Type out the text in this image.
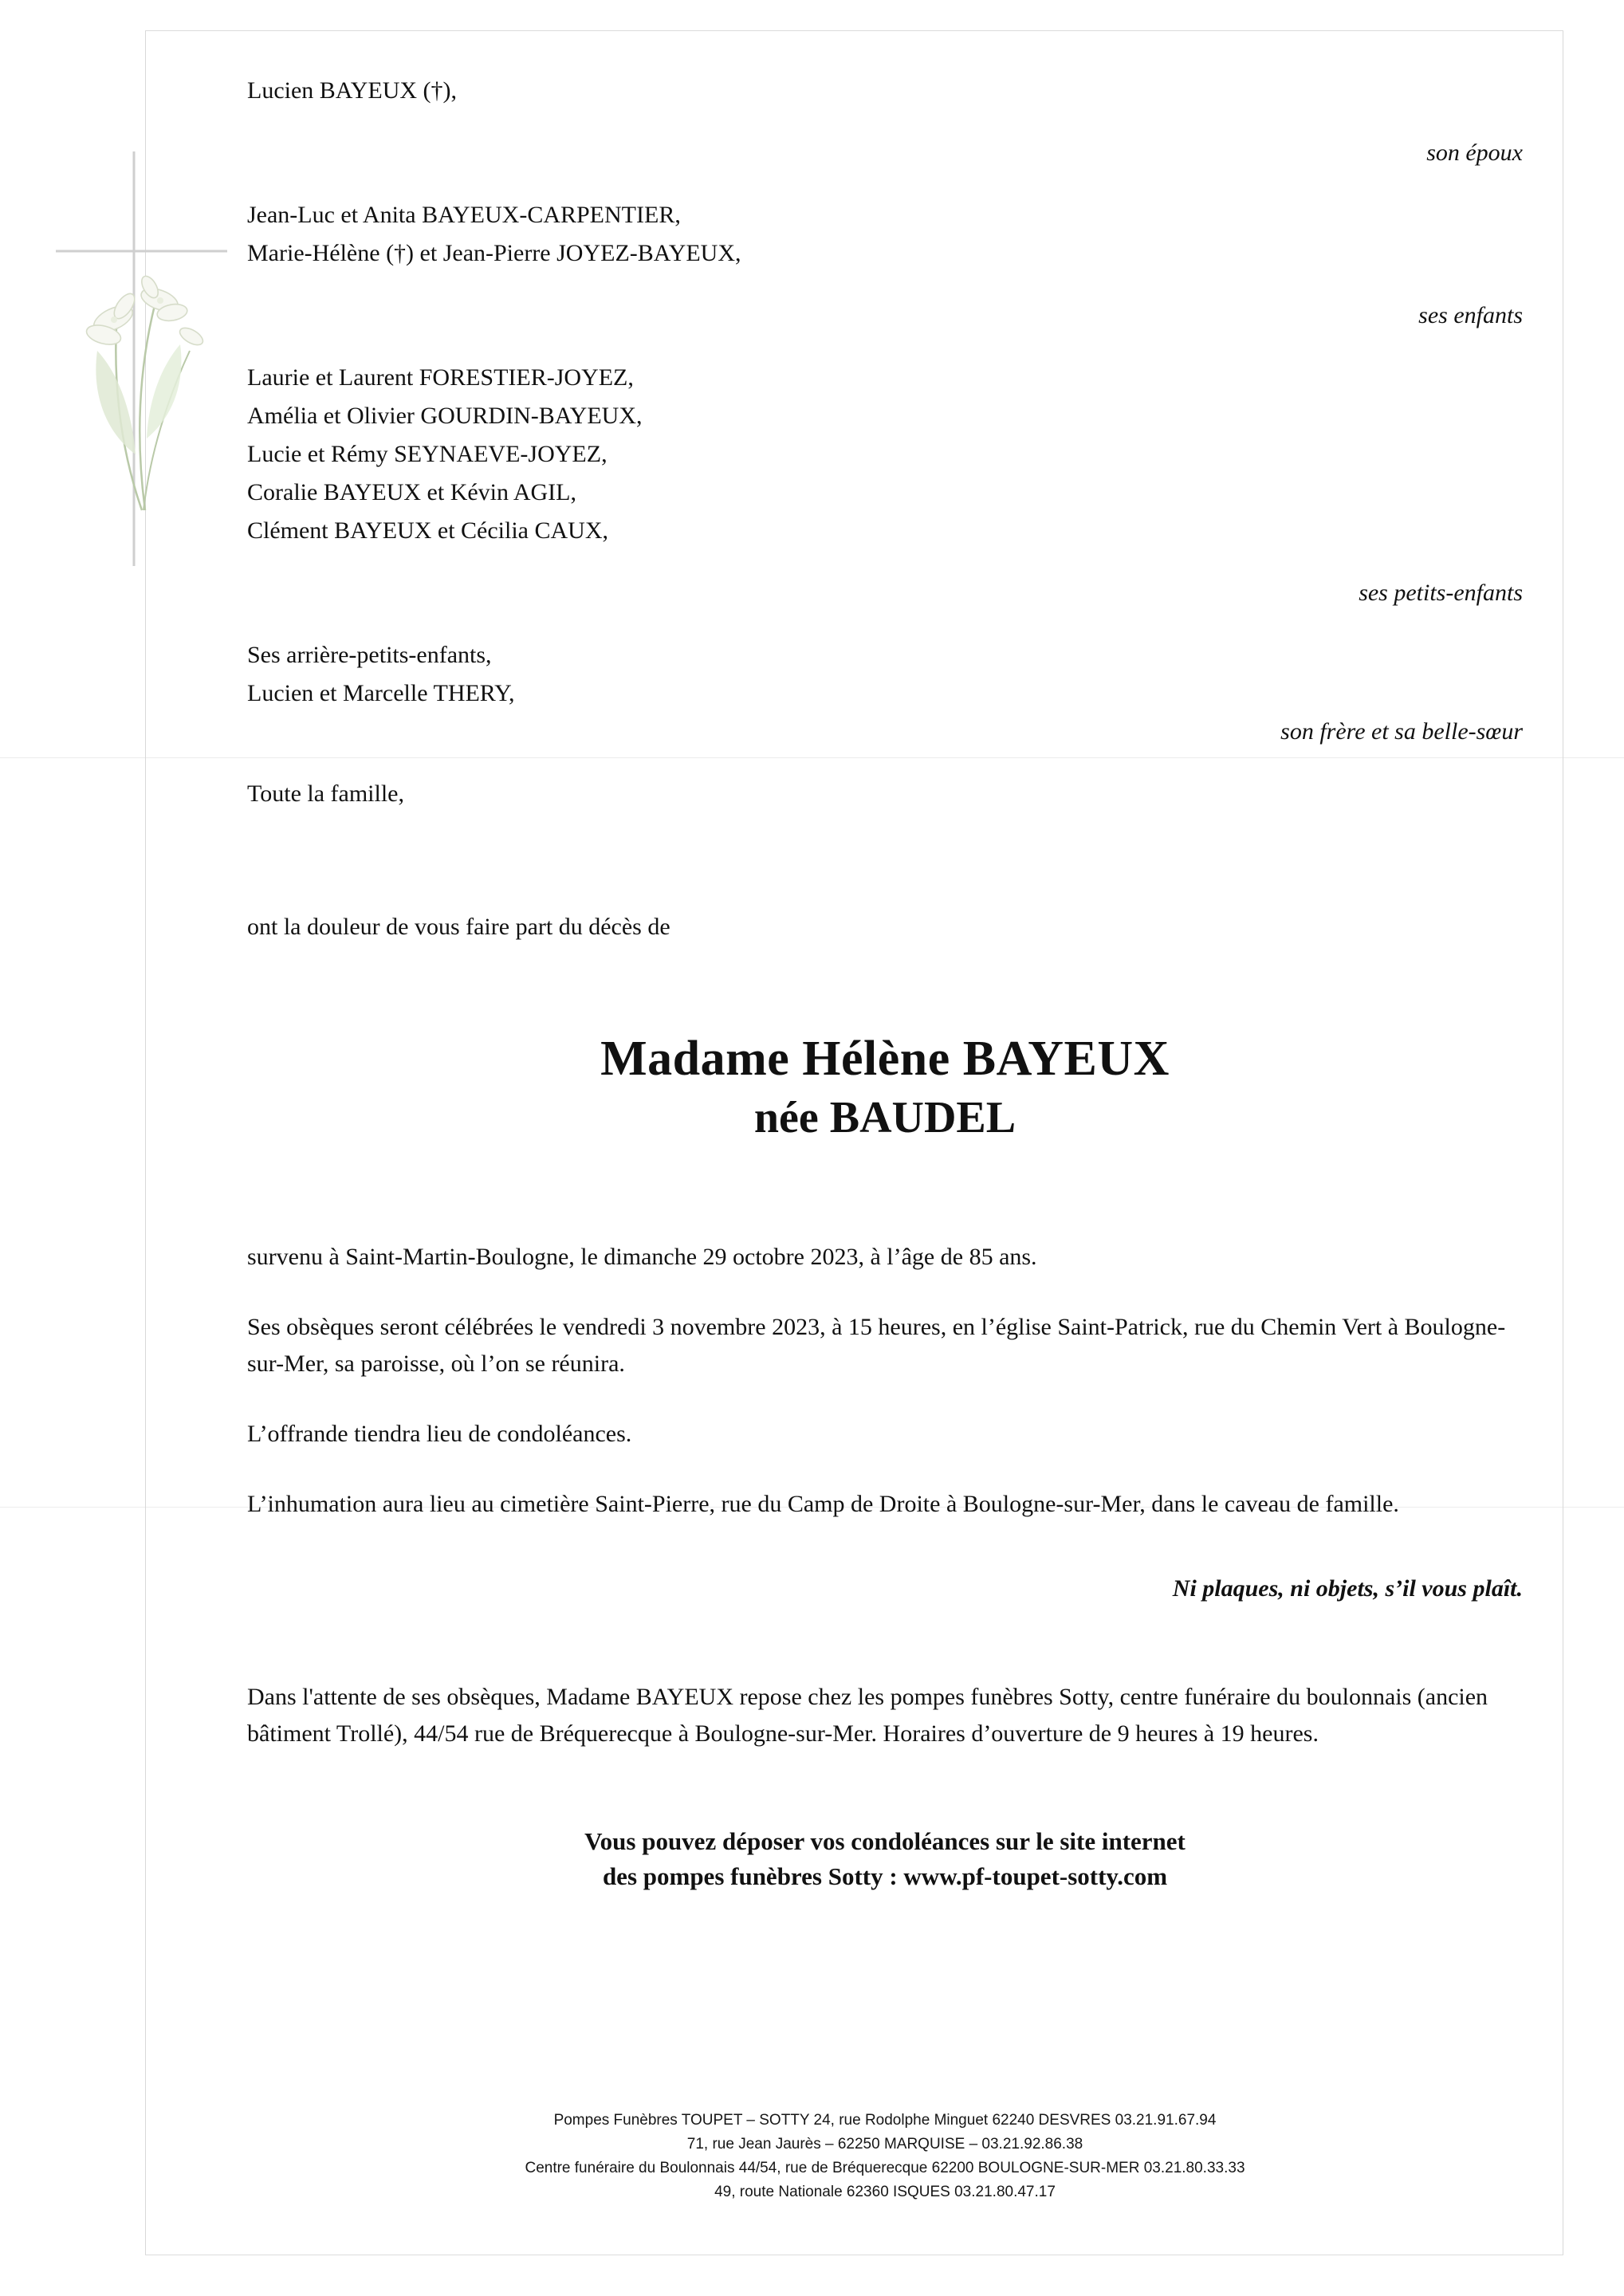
Lucien BAYEUX (†),
son époux
Jean-Luc et Anita BAYEUX-CARPENTIER,
Marie-Hélène (†) et Jean-Pierre JOYEZ-BAYEUX,
ses enfants
Laurie et Laurent FORESTIER-JOYEZ,
Amélia et Olivier GOURDIN-BAYEUX,
Lucie et Rémy SEYNAEVE-JOYEZ,
Coralie BAYEUX et Kévin AGIL,
Clément BAYEUX et Cécilia CAUX,
ses petits-enfants
Ses arrière-petits-enfants,
Lucien et Marcelle THERY,
son frère et sa belle-sœur
Toute la famille,
ont la douleur de vous faire part du décès de
Madame Hélène BAYEUX
née BAUDEL
survenu à Saint-Martin-Boulogne, le dimanche 29 octobre 2023, à l’âge de 85 ans.
Ses obsèques seront célébrées le vendredi 3 novembre 2023, à 15 heures, en l’église Saint-Patrick, rue du Chemin Vert à Boulogne-sur-Mer, sa paroisse, où l’on se réunira.
L’offrande tiendra lieu de condoléances.
L’inhumation aura lieu au cimetière Saint-Pierre, rue du Camp de Droite à Boulogne-sur-Mer, dans le caveau de famille.
Ni plaques, ni objets, s’il vous plaît.
Dans l'attente de ses obsèques, Madame BAYEUX repose chez les pompes funèbres Sotty, centre funéraire du boulonnais (ancien bâtiment Trollé), 44/54 rue de Bréquerecque à Boulogne-sur-Mer. Horaires d’ouverture de 9 heures à 19 heures.
Vous pouvez déposer vos condoléances sur le site internet
des pompes funèbres Sotty : www.pf-toupet-sotty.com
Pompes Funèbres TOUPET – SOTTY 24, rue Rodolphe Minguet 62240 DESVRES 03.21.91.67.94
71, rue Jean Jaurès – 62250 MARQUISE – 03.21.92.86.38
Centre funéraire du Boulonnais 44/54, rue de Bréquerecque 62200 BOULOGNE-SUR-MER 03.21.80.33.33
49, route Nationale 62360 ISQUES 03.21.80.47.17
